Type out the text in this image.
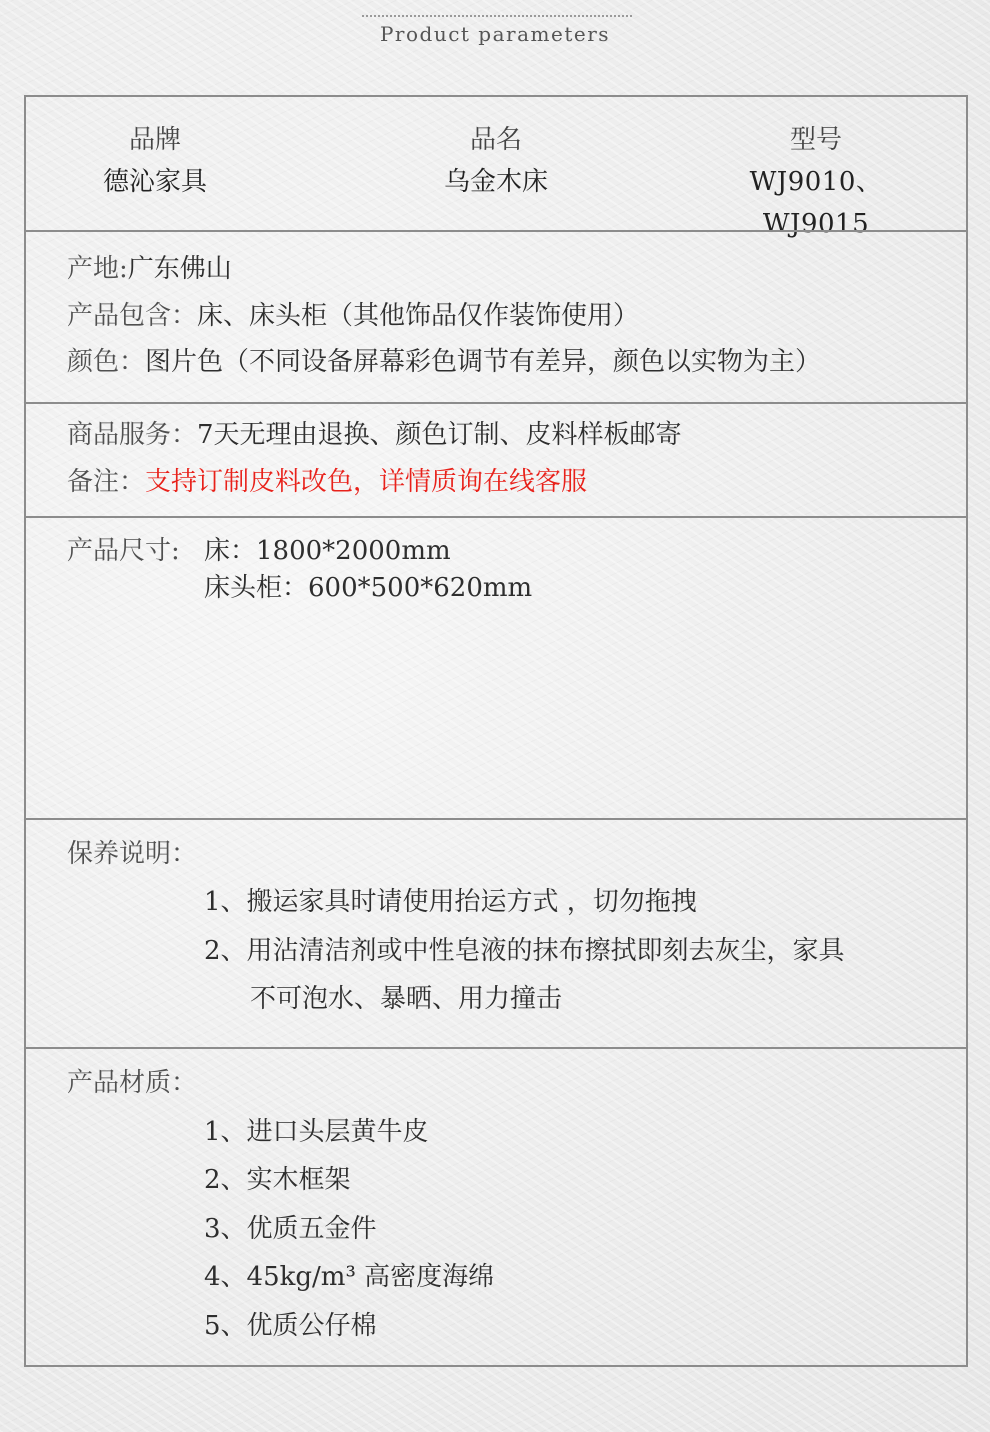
Product parameters
品牌
德沁家具
品名
乌金木床
型号
WJ9010、WJ9015
产地:广东佛山
产品包含：床、床头柜（其他饰品仅作装饰使用）
颜色：图片色（不同设备屏幕彩色调节有差异，颜色以实物为主）
商品服务：7天无理由退换、颜色订制、皮料样板邮寄
备注：支持订制皮料改色，详情质询在线客服
产品尺寸: 床：1800*2000mm
床头柜：600*500*620mm
保养说明：
1、搬运家具时请使用抬运方式 ，切勿拖拽
2、用沾清洁剂或中性皂液的抹布擦拭即刻去灰尘，家具
不可泡水、暴晒、用力撞击
产品材质：
1、进口头层黄牛皮
2、实木框架
3、优质五金件
4、45kg/m³ 高密度海绵
5、优质公仔棉
